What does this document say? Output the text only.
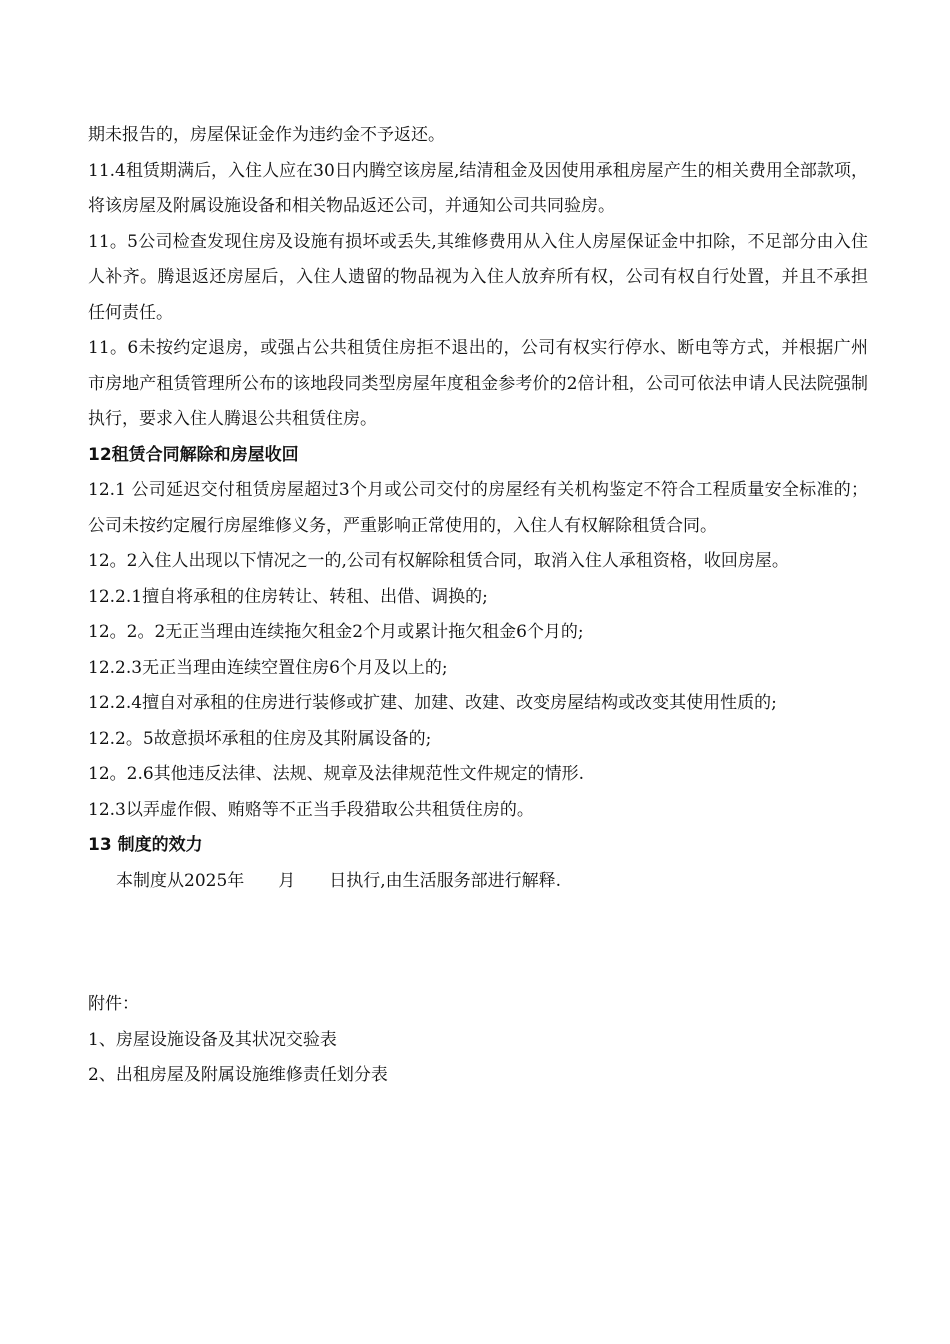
期未报告的，房屋保证金作为违约金不予返还。

11.4租赁期满后，入住人应在30日内腾空该房屋,结清租金及因使用承租房屋产生的相关费用全部款项，将该房屋及附属设施设备和相关物品返还公司，并通知公司共同验房。

11。5公司检查发现住房及设施有损坏或丢失,其维修费用从入住人房屋保证金中扣除，不足部分由入住人补齐。腾退返还房屋后，入住人遗留的物品视为入住人放弃所有权，公司有权自行处置，并且不承担任何责任。

11。6未按约定退房，或强占公共租赁住房拒不退出的，公司有权实行停水、断电等方式，并根据广州市房地产租赁管理所公布的该地段同类型房屋年度租金参考价的2倍计租，公司可依法申请人民法院强制执行，要求入住人腾退公共租赁住房。

12租赁合同解除和房屋收回

12.1 公司延迟交付租赁房屋超过3个月或公司交付的房屋经有关机构鉴定不符合工程质量安全标准的；公司未按约定履行房屋维修义务，严重影响正常使用的，入住人有权解除租赁合同。

12。2入住人出现以下情况之一的,公司有权解除租赁合同，取消入住人承租资格，收回房屋。

12.2.1擅自将承租的住房转让、转租、出借、调换的;

12。2。2无正当理由连续拖欠租金2个月或累计拖欠租金6个月的;

12.2.3无正当理由连续空置住房6个月及以上的;

12.2.4擅自对承租的住房进行装修或扩建、加建、改建、改变房屋结构或改变其使用性质的;

12.2。5故意损坏承租的住房及其附属设备的;

12。2.6其他违反法律、法规、规章及法律规范性文件规定的情形.

12.3以弄虚作假、贿赂等不正当手段猎取公共租赁住房的。

13 制度的效力

本制度从2025年　　月　　日执行,由生活服务部进行解释.

附件：

1、房屋设施设备及其状况交验表

2、出租房屋及附属设施维修责任划分表
